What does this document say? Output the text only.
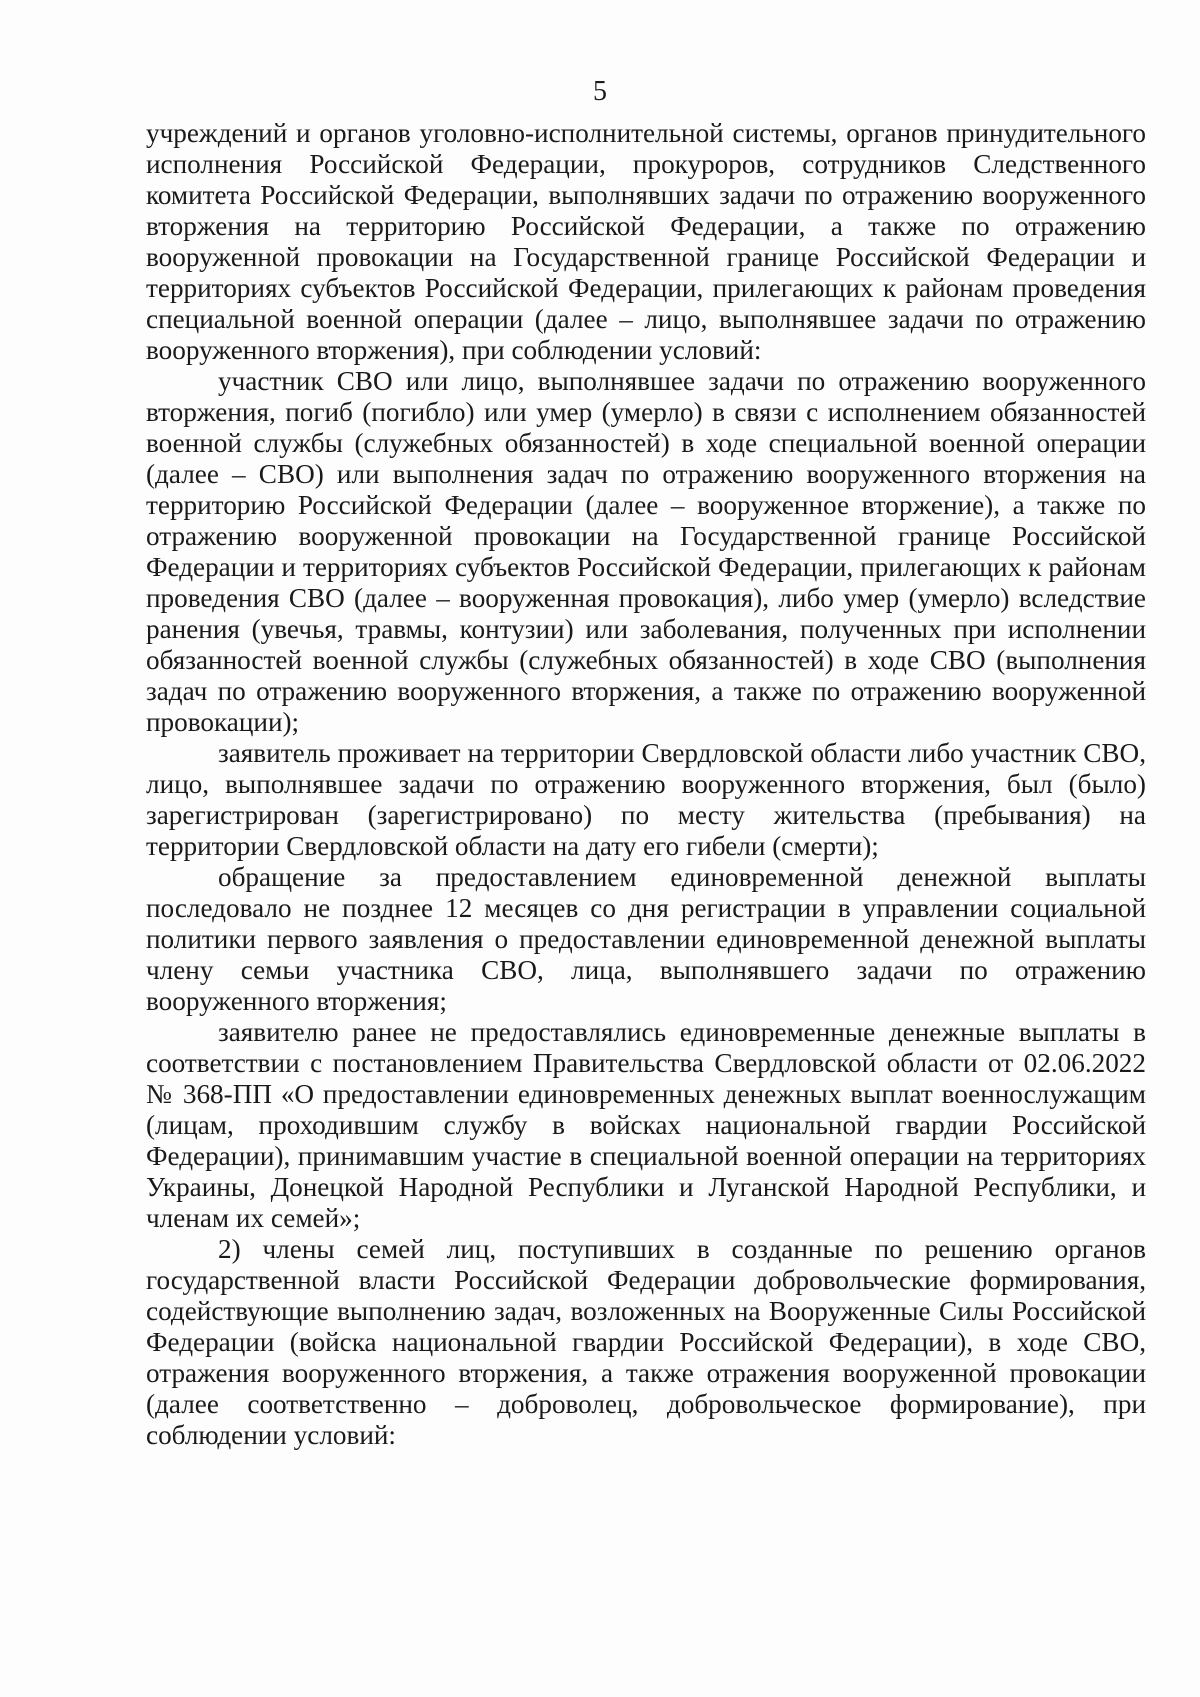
5

учреждений и органов уголовно-исполнительной системы, органов принудительного исполнения Российской Федерации, прокуроров, сотрудников Следственного комитета Российской Федерации, выполнявших задачи по отражению вооруженного вторжения на территорию Российской Федерации, а также по отражению вооруженной провокации на Государственной границе Российской Федерации и территориях субъектов Российской Федерации, прилегающих к районам проведения специальной военной операции (далее – лицо, выполнявшее задачи по отражению вооруженного вторжения), при соблюдении условий:

участник СВО или лицо, выполнявшее задачи по отражению вооруженного вторжения, погиб (погибло) или умер (умерло) в связи с исполнением обязанностей военной службы (служебных обязанностей) в ходе специальной военной операции (далее – СВО) или выполнения задач по отражению вооруженного вторжения на территорию Российской Федерации (далее – вооруженное вторжение), а также по отражению вооруженной провокации на Государственной границе Российской Федерации и территориях субъектов Российской Федерации, прилегающих к районам проведения СВО (далее – вооруженная провокация), либо умер (умерло) вследствие ранения (увечья, травмы, контузии) или заболевания, полученных при исполнении обязанностей военной службы (служебных обязанностей) в ходе СВО (выполнения задач по отражению вооруженного вторжения, а также по отражению вооруженной провокации);

заявитель проживает на территории Свердловской области либо участник СВО, лицо, выполнявшее задачи по отражению вооруженного вторжения, был (было) зарегистрирован (зарегистрировано) по месту жительства (пребывания) на территории Свердловской области на дату его гибели (смерти);

обращение за предоставлением единовременной денежной выплаты последовало не позднее 12 месяцев со дня регистрации в управлении социальной политики первого заявления о предоставлении единовременной денежной выплаты члену семьи участника СВО, лица, выполнявшего задачи по отражению вооруженного вторжения;

заявителю ранее не предоставлялись единовременные денежные выплаты в соответствии с постановлением Правительства Свердловской области от 02.06.2022 № 368-ПП «О предоставлении единовременных денежных выплат военнослужащим (лицам, проходившим службу в войсках национальной гвардии Российской Федерации), принимавшим участие в специальной военной операции на территориях Украины, Донецкой Народной Республики и Луганской Народной Республики, и членам их семей»;

2) члены семей лиц, поступивших в созданные по решению органов государственной власти Российской Федерации добровольческие формирования, содействующие выполнению задач, возложенных на Вооруженные Силы Российской Федерации (войска национальной гвардии Российской Федерации), в ходе СВО, отражения вооруженного вторжения, а также отражения вооруженной провокации (далее соответственно – доброволец, добровольческое формирование), при соблюдении условий:
